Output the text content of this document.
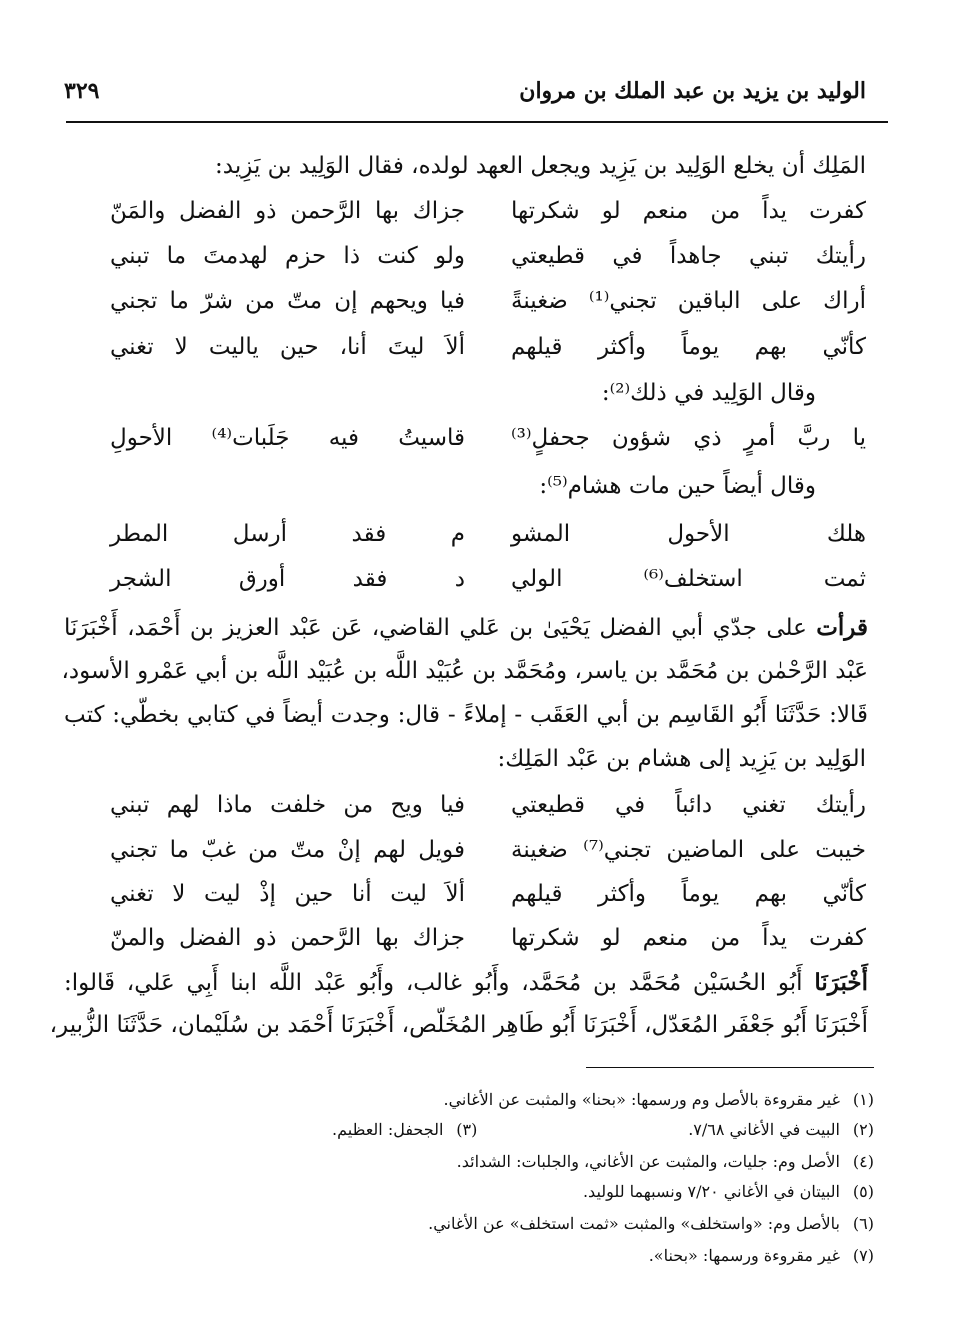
الوليد بن يزيد بن عبد الملك بن مروان
٣٢٩
المَلِك أن يخلع الوَلِيد بن يَزِيد ويجعل العهد لولده، فقال الوَلِيد بن يَزِيد:
كفرت يداً من منعم لو شكرتها
جزاك بها الرَّحمن ذو الفضل والمَنّ
رأيتك تبني جاهداً في قطيعتي
ولو كنت ذا حزم لهدمتَ ما تبني
أراك على الباقين تجني⁽¹⁾ ضغينةً
فيا ويحهم إن متّ من شرّ ما تجني
كأنّي بهم يوماً وأكثر قيلهم
ألاَ ليتَ أنا، حين ياليت لا تغني
وقال الوَلِيد في ذلك⁽²⁾:
يا ربَّ أمرٍ ذي شؤون جحفلٍ⁽³⁾
قاسيتُ فيه جَلَبات⁽⁴⁾ الأحولِ
وقال أيضاً حين مات هشام⁽⁵⁾:
هلك الأحول المشو
م فقد أرسل المطر
ثمت استخلف⁽⁶⁾ الولي
د فقد أورق الشجر
قرأت على جدّي أبي الفضل يَحْيَىٰ بن عَلي القاضي، عَن عَبْد العزيز بن أَحْمَد، أَخْبَرَنَا
عَبْد الرَّحْمٰن بن مُحَمَّد بن ياسر، ومُحَمَّد بن عُبَيْد اللَّه بن عُبَيْد اللَّه بن أبي عَمْرو الأسود،
قَالا: حَدَّثَنَا أَبُو القَاسِم بن أبي العَقَب - إملاءً - قال: وجدت أيضاً في كتابي بخطّي: كتب
الوَلِيد بن يَزِيد إلى هشام بن عَبْد المَلِك:
رأيتك تغني دائباً في قطيعتي
فيا ويح من خلفت ماذا لهم تبني
خيبت على الماضين تجني⁽⁷⁾ ضغينة
فويل لهم إنْ متّ من غبّ ما تجني
كأنّي بهم يوماً وأكثر قيلهم
ألاَ ليت أنا حين إذْ ليت لا تغني
كفرت يداً من منعم لو شكرتها
جزاك بها الرَّحمن ذو الفضل والمنّ
أَخْبَرَنَا أَبُو الحُسَيْن مُحَمَّد بن مُحَمَّد، وأَبُو غالب، وأَبُو عَبْد اللَّه ابنا أَبِي عَلي، قَالوا:
أَخْبَرَنَا أَبُو جَعْفَر المُعَدّل، أَخْبَرَنَا أَبُو طَاهِر المُخَلّص، أَخْبَرَنَا أَحْمَد بن سُلَيْمان، حَدَّثَنَا الزُّبير،
(١)غير مقروءة بالأصل وم ورسمها: «بحنا» والمثبت عن الأغاني.
(٢)البيت في الأغاني ٧/٦٨.
(٣)الجحفل: العظيم.
(٤)الأصل وم: جليات، والمثبت عن الأغاني، والجلبات: الشدائد.
(٥)البيتان في الأغاني ٧/٢٠ ونسبهما للوليد.
(٦)بالأصل وم: «واستخلف» والمثبت «ثمت استخلف» عن الأغاني.
(٧)غير مقروءة ورسمها: «بحنا».
